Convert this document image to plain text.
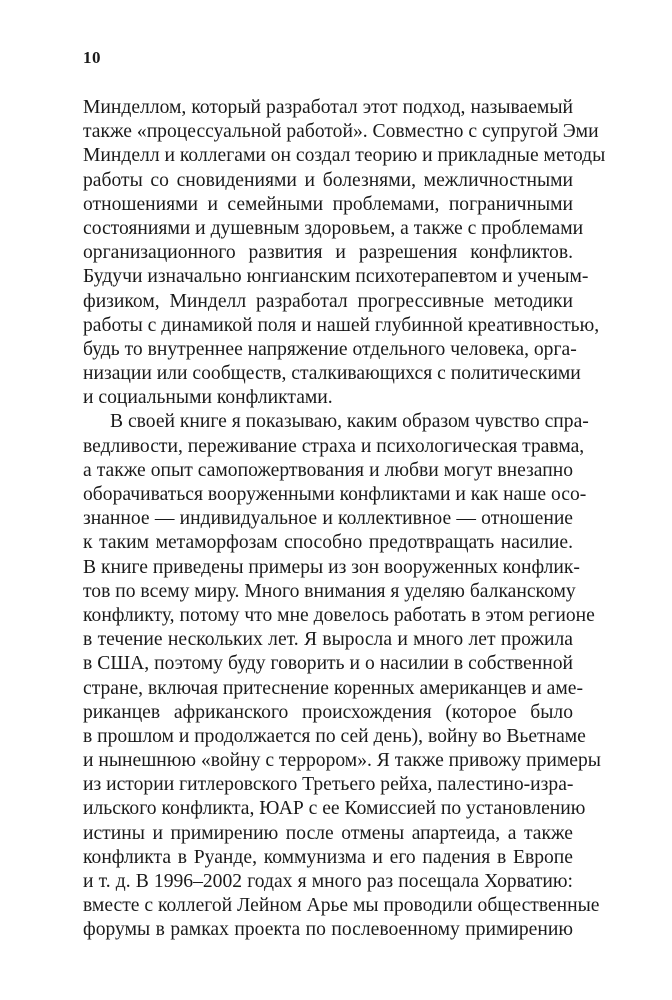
10
Минделлом, который разработал этот подход, называемый
также «процессуальной работой». Совместно с супругой Эми
Минделл и коллегами он создал теорию и прикладные методы
работы со сновидениями и болезнями, межличностными
отношениями и семейными проблемами, пограничными
состояниями и душевным здоровьем, а также с проблемами
организационного развития и разрешения конфликтов.
Будучи изначально юнгианским психотерапевтом и ученым-
физиком, Минделл разработал прогрессивные методики
работы с динамикой поля и нашей глубинной креативностью,
будь то внутреннее напряжение отдельного человека, орга-
низации или сообществ, сталкивающихся с политическими
и социальными конфликтами.
В своей книге я показываю, каким образом чувство спра-
ведливости, переживание страха и психологическая травма,
а также опыт самопожертвования и любви могут внезапно
оборачиваться вооруженными конфликтами и как наше осо-
знанное — индивидуальное и коллективное — отношение
к таким метаморфозам способно предотвращать насилие.
В книге приведены примеры из зон вооруженных конфлик-
тов по всему миру. Много внимания я уделяю балканскому
конфликту, потому что мне довелось работать в этом регионе
в течение нескольких лет. Я выросла и много лет прожила
в США, поэтому буду говорить и о насилии в собственной
стране, включая притеснение коренных американцев и аме-
риканцев африканского происхождения (которое было
в прошлом и продолжается по сей день), войну во Вьетнаме
и нынешнюю «войну с террором». Я также привожу примеры
из истории гитлеровского Третьего рейха, палестино-изра-
ильского конфликта, ЮАР с ее Комиссией по установлению
истины и примирению после отмены апартеида, а также
конфликта в Руанде, коммунизма и его падения в Европе
и т. д. В 1996–2002 годах я много раз посещала Хорватию:
вместе с коллегой Лейном Арье мы проводили общественные
форумы в рамках проекта по послевоенному примирению
